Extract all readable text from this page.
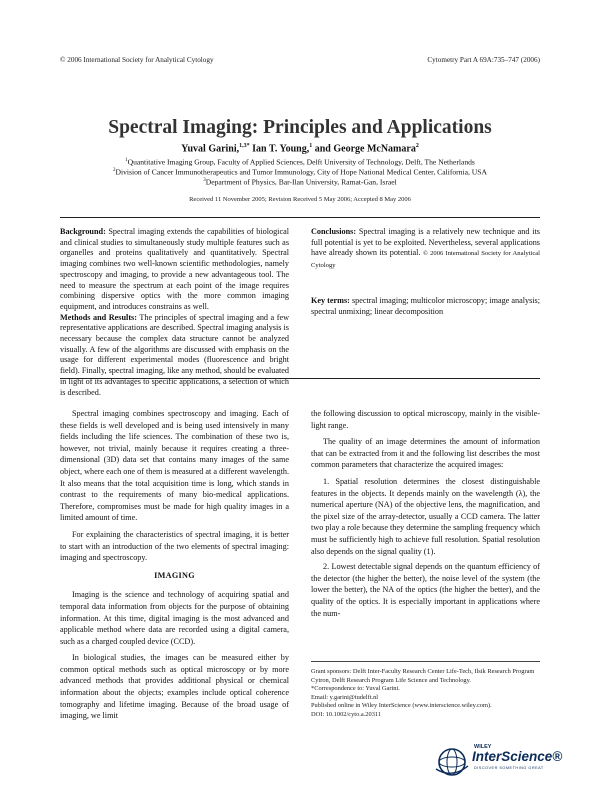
© 2006 International Society for Analytical Cytology	Cytometry Part A 69A:735–747 (2006)
Spectral Imaging: Principles and Applications
Yuval Garini,$^{1,3*}$ Ian T. Young,$^1$ and George McNamara$^2$
$^1$Quantitative Imaging Group, Faculty of Applied Sciences, Delft University of Technology, Delft, The Netherlands
$^2$Division of Cancer Immunotherapeutics and Tumor Immunology, City of Hope National Medical Center, California, USA
$^3$Department of Physics, Bar-Ilan University, Ramat-Gan, Israel
Received 11 November 2005; Revision Received 5 May 2006; Accepted 8 May 2006

Background: Spectral imaging extends the capabilities of biological and clinical studies to simultaneously study multiple features such as organelles and proteins qualitatively and quantitatively. Spectral imaging combines two well-known scientific methodologies, namely spectroscopy and imaging, to provide a new advantageous tool. The need to measure the spectrum at each point of the image requires combining dispersive optics with the more common imaging equipment, and introduces constrains as well.

Methods and Results: The principles of spectral imaging and a few representative applications are described. Spectral imaging analysis is necessary because the complex data structure cannot be analyzed visually. A few of the algorithms are discussed with emphasis on the usage for different experimental modes (fluorescence and bright field). Finally, spectral imaging, like any method, should be evaluated in light of its advantages to specific applications, a selection of which is described.

Conclusions: Spectral imaging is a relatively new technique and its full potential is yet to be exploited. Nevertheless, several applications have already shown its potential. © 2006 International Society for Analytical Cytology

Key terms: spectral imaging; multicolor microscopy; image analysis; spectral unmixing; linear decomposition

Spectral imaging combines spectroscopy and imaging. Each of these fields is well developed and is being used intensively in many fields including the life sciences. The combination of these two is, however, not trivial, mainly because it requires creating a three-dimensional (3D) data set that contains many images of the same object, where each one of them is measured at a different wavelength. It also means that the total acquisition time is long, which stands in contrast to the requirements of many bio-medical applications. Therefore, compromises must be made for high quality images in a limited amount of time.

For explaining the characteristics of spectral imaging, it is better to start with an introduction of the two elements of spectral imaging: imaging and spectroscopy.

IMAGING

Imaging is the science and technology of acquiring spatial and temporal data information from objects for the purpose of obtaining information. At this time, digital imaging is the most advanced and applicable method where data are recorded using a digital camera, such as a charged coupled device (CCD).

In biological studies, the images can be measured either by common optical methods such as optical microscopy or by more advanced methods that provides additional physical or chemical information about the objects; examples include optical coherence tomography and lifetime imaging. Because of the broad usage of imaging, we limit

the following discussion to optical microscopy, mainly in the visible-light range.

The quality of an image determines the amount of information that can be extracted from it and the following list describes the most common parameters that characterize the acquired images:

1. Spatial resolution determines the closest distinguishable features in the objects. It depends mainly on the wavelength (λ), the numerical aperture (NA) of the objective lens, the magnification, and the pixel size of the array-detector, usually a CCD camera. The latter two play a role because they determine the sampling frequency which must be sufficiently high to achieve full resolution. Spatial resolution also depends on the signal quality (1).
2. Lowest detectable signal depends on the quantum efficiency of the detector (the higher the better), the noise level of the system (the lower the better), the NA of the optics (the higher the better), and the quality of the optics. It is especially important in applications where the num-
Grant sponsors: Delft Inter-Faculty Research Center Life-Tech, Ilsik Research Program Cytron, Delft Research Program Life Science and Technology.
*Correspondence to: Yuval Garini.
Email: y.garini@tudelft.nl
Published online in Wiley InterScience (www.interscience.wiley.com).
DOI: 10.1002/cyto.a.20311
WILEY
InterScience®
DISCOVER SOMETHING GREAT
